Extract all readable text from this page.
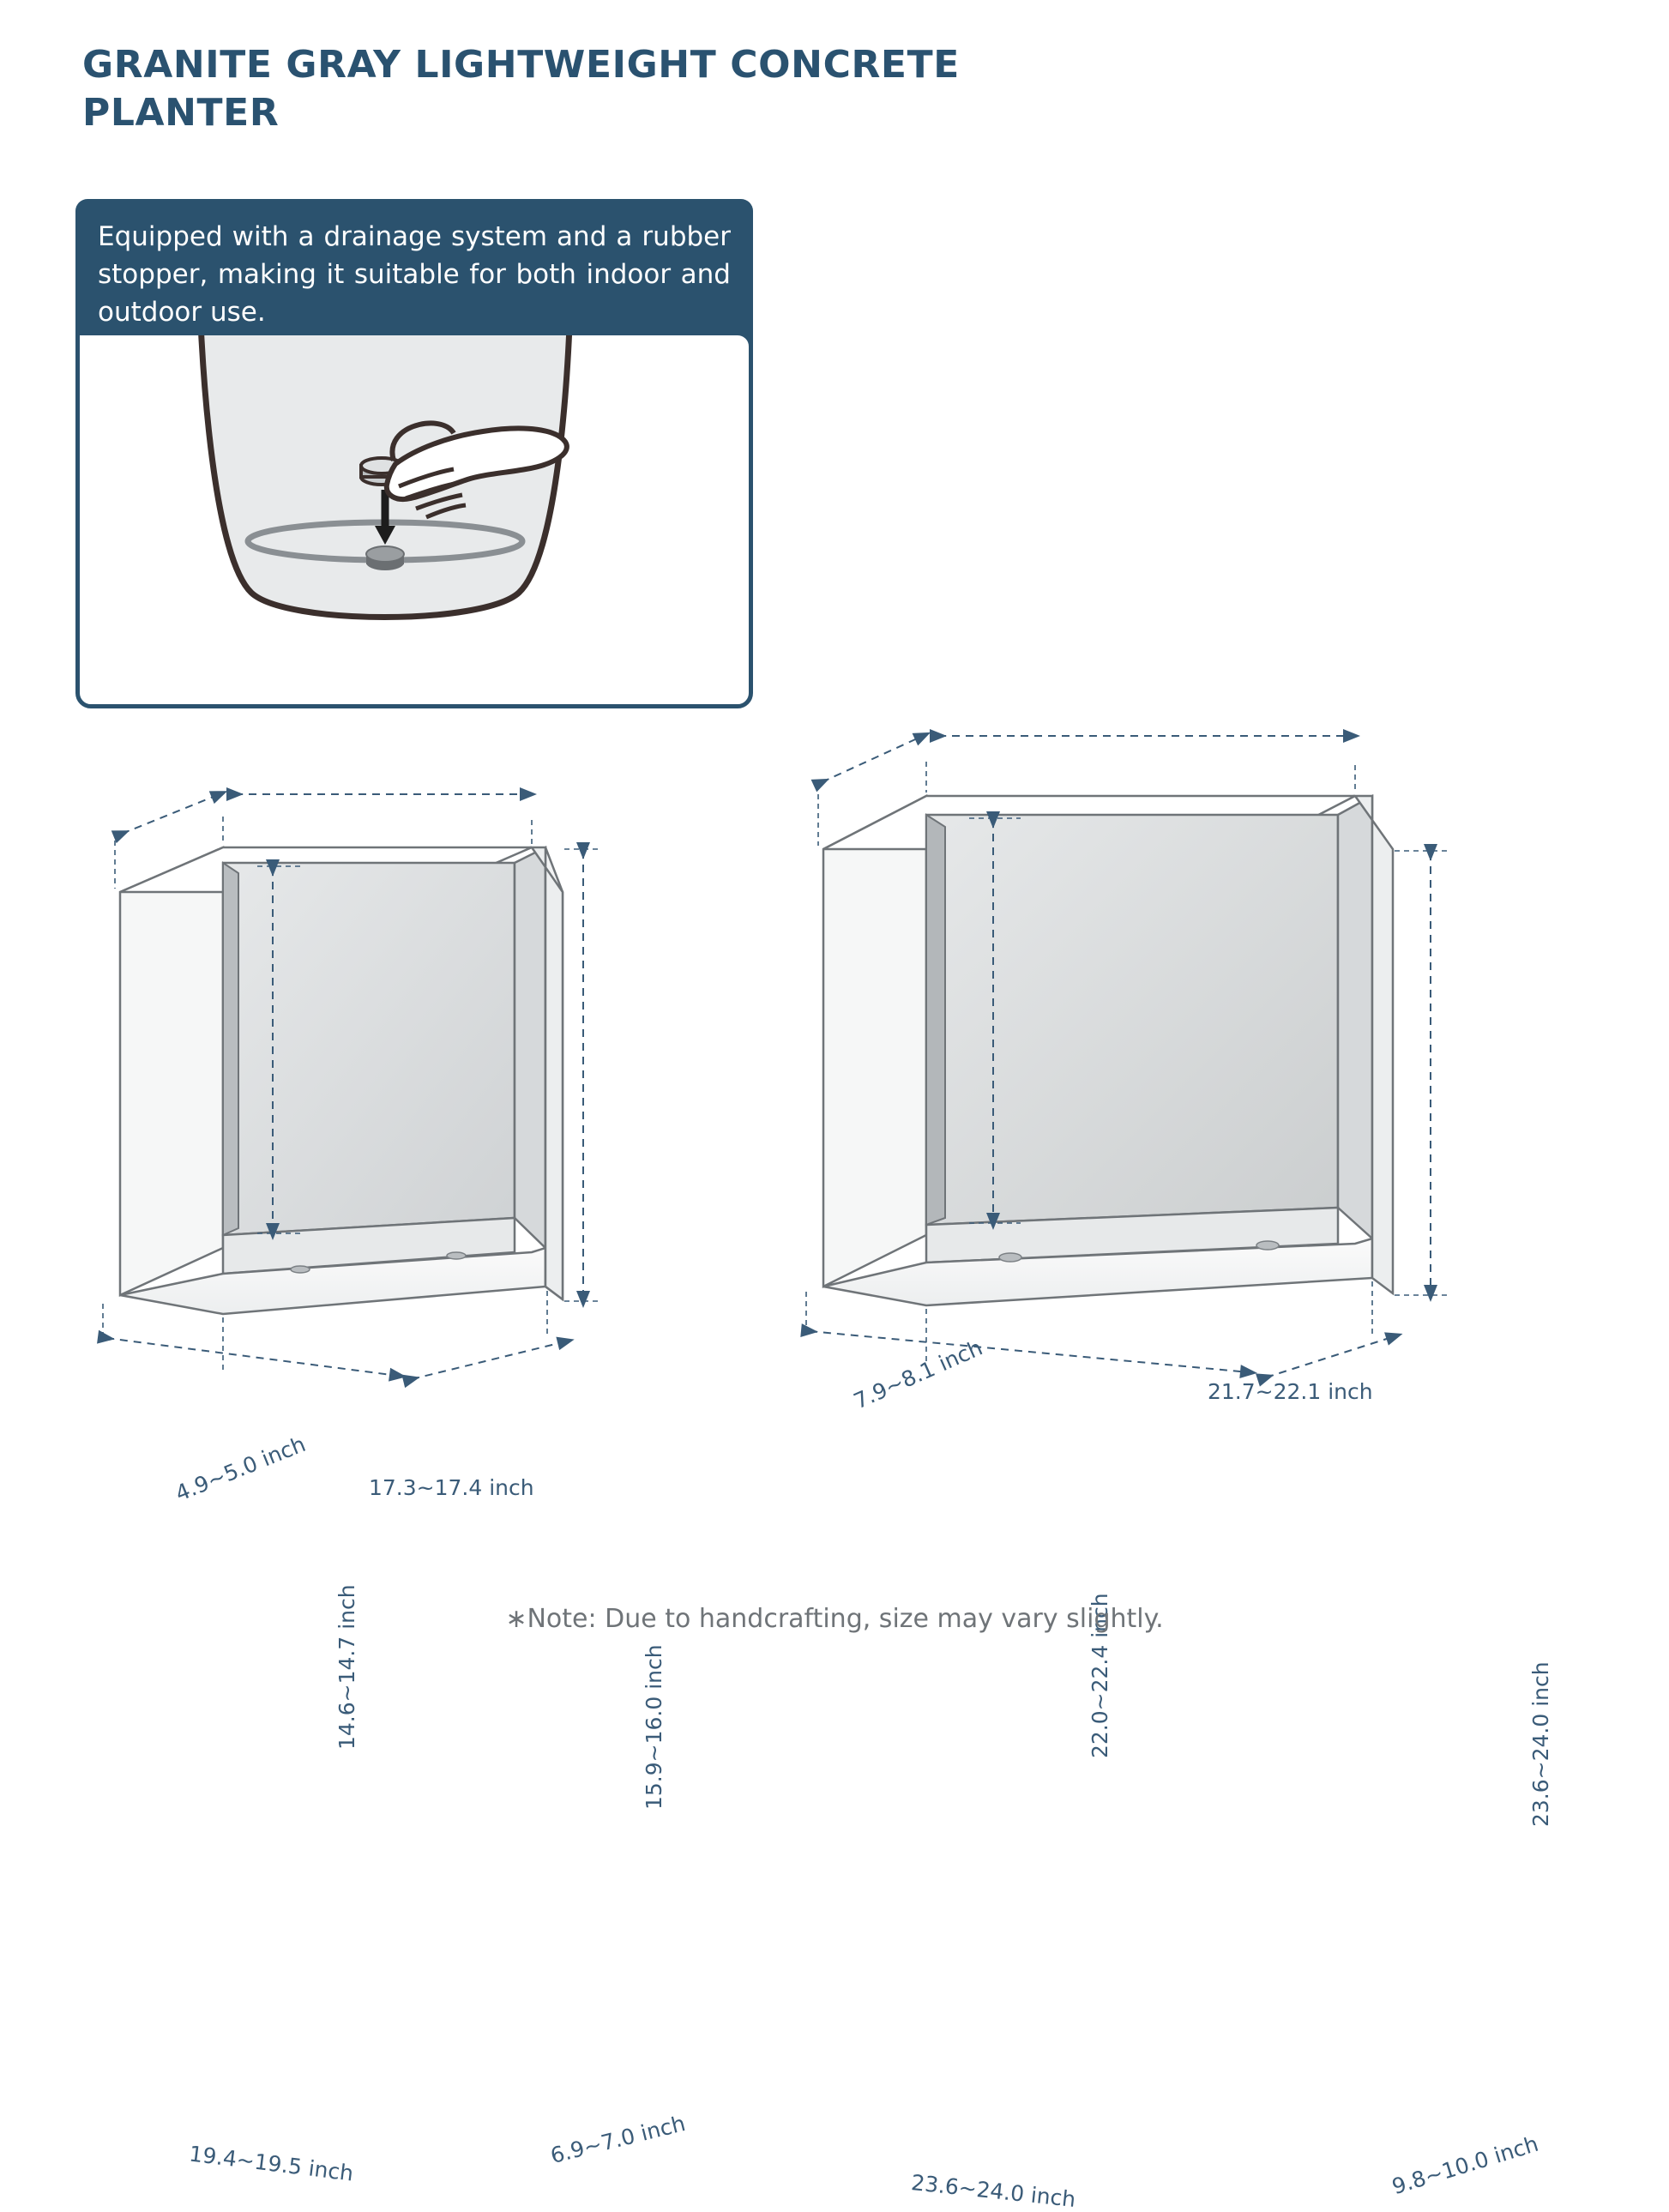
GRANITE GRAY LIGHTWEIGHT CONCRETE PLANTER
Equipped with a drainage system and a rubber stopper, making it suitable for both indoor and outdoor use.
4.9~5.0 inch	17.3~17.4 inch
14.6~14.7 inch	15.9~16.0 inch
19.4~19.5 inch	6.9~7.0 inch
7.9~8.1 inch	21.7~22.1 inch
22.0~22.4 inch	23.6~24.0 inch
23.6~24.0 inch	9.8~10.0 inch
∗Note: Due to handcrafting, size may vary slightly.
